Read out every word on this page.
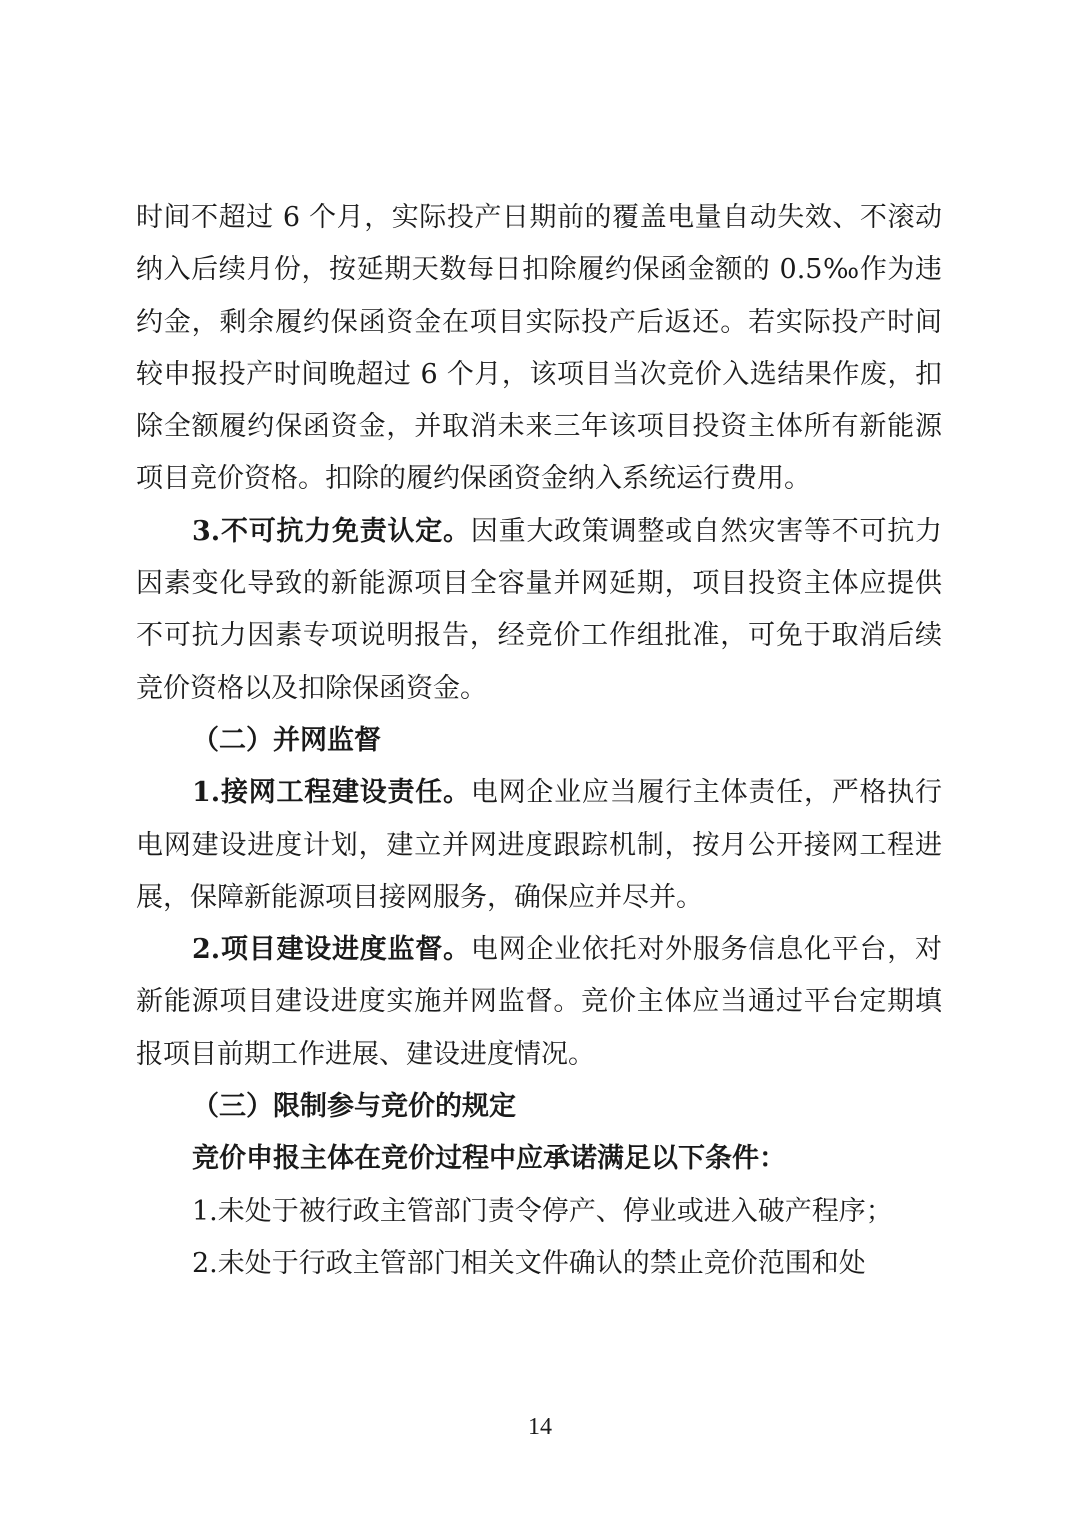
时间不超过 6 个月，实际投产日期前的覆盖电量自动失效、不滚动纳入后续月份，按延期天数每日扣除履约保函金额的 0.5‰作为违约金，剩余履约保函资金在项目实际投产后返还。若实际投产时间较申报投产时间晚超过 6 个月，该项目当次竞价入选结果作废，扣除全额履约保函资金，并取消未来三年该项目投资主体所有新能源项目竞价资格。扣除的履约保函资金纳入系统运行费用。

3.不可抗力免责认定。因重大政策调整或自然灾害等不可抗力因素变化导致的新能源项目全容量并网延期，项目投资主体应提供不可抗力因素专项说明报告，经竞价工作组批准，可免于取消后续竞价资格以及扣除保函资金。

（二）并网监督

1.接网工程建设责任。电网企业应当履行主体责任，严格执行电网建设进度计划，建立并网进度跟踪机制，按月公开接网工程进展，保障新能源项目接网服务，确保应并尽并。

2.项目建设进度监督。电网企业依托对外服务信息化平台，对新能源项目建设进度实施并网监督。竞价主体应当通过平台定期填报项目前期工作进展、建设进度情况。

（三）限制参与竞价的规定

竞价申报主体在竞价过程中应承诺满足以下条件：

1.未处于被行政主管部门责令停产、停业或进入破产程序；

2.未处于行政主管部门相关文件确认的禁止竞价范围和处

14
